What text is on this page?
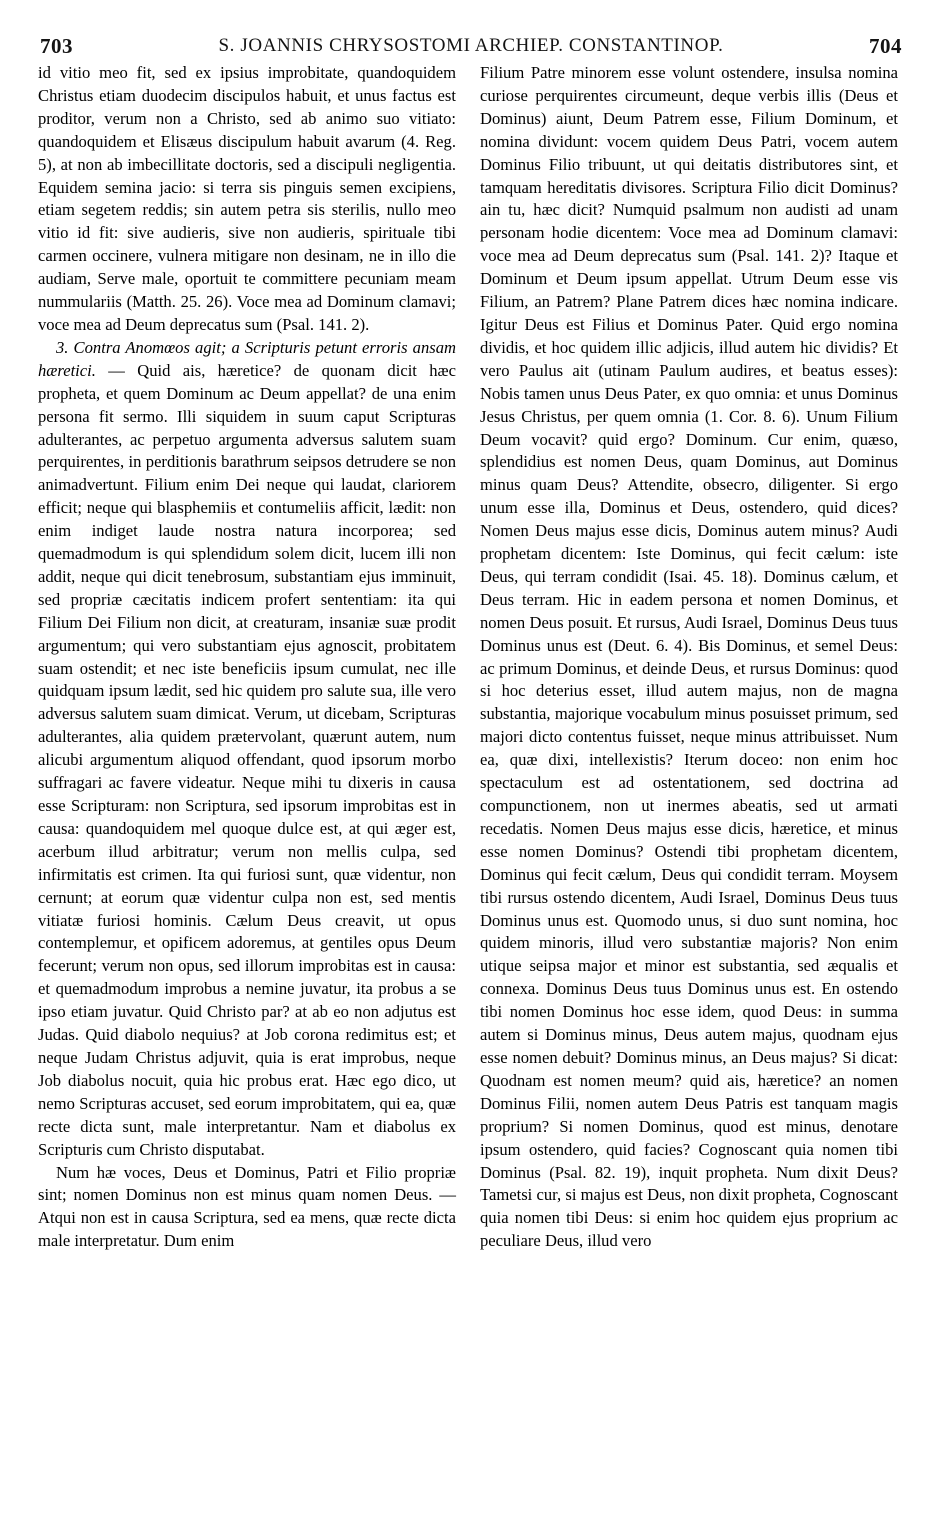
703	S. JOANNIS CHRYSOSTOMI ARCHIEP. CONSTANTINOP.	704

id vitio meo fit, sed ex ipsius improbitate, quandoquidem Christus etiam duodecim discipulos habuit, et unus factus est proditor, verum non a Christo, sed ab animo suo vitiato: quandoquidem et Elisæus discipulum habuit avarum (4. Reg. 5), at non ab imbecillitate doctoris, sed a discipuli negligentia. Equidem semina jacio: si terra sis pinguis semen excipiens, etiam segetem reddis; sin autem petra sis sterilis, nullo meo vitio id fit: sive audieris, sive non audieris, spirituale tibi carmen occinere, vulnera mitigare non desinam, ne in illo die audiam, Serve male, oportuit te committere pecuniam meam nummulariis (Matth. 25. 26). Voce mea ad Dominum clamavi; voce mea ad Deum deprecatus sum (Psal. 141. 2).

3. Contra Anomœos agit; a Scripturis petunt erroris ansam hæretici. — Quid ais, hæretice? de quonam dicit hæc propheta, et quem Dominum ac Deum appellat? de una enim persona fit sermo. Illi siquidem in suum caput Scripturas adulterantes, ac perpetuo argumenta adversus salutem suam perquirentes, in perditionis barathrum seipsos detrudere se non animadvertunt. Filium enim Dei neque qui laudat, clariorem efficit; neque qui blasphemiis et contumeliis afficit, lædit: non enim indiget laude nostra natura incorporea; sed quemadmodum is qui splendidum solem dicit, lucem illi non addit, neque qui dicit tenebrosum, substantiam ejus imminuit, sed propriæ cæcitatis indicem profert sententiam: ita qui Filium Dei Filium non dicit, at creaturam, insaniæ suæ prodit argumentum; qui vero substantiam ejus agnoscit, probitatem suam ostendit; et nec iste beneficiis ipsum cumulat, nec ille quidquam ipsum lædit, sed hic quidem pro salute sua, ille vero adversus salutem suam dimicat. Verum, ut dicebam, Scripturas adulterantes, alia quidem prætervolant, quærunt autem, num alicubi argumentum aliquod offendant, quod ipsorum morbo suffragari ac favere videatur. Neque mihi tu dixeris in causa esse Scripturam: non Scriptura, sed ipsorum improbitas est in causa: quandoquidem mel quoque dulce est, at qui æger est, acerbum illud arbitratur; verum non mellis culpa, sed infirmitatis est crimen. Ita qui furiosi sunt, quæ videntur, non cernunt; at eorum quæ videntur culpa non est, sed mentis vitiatæ furiosi hominis. Cælum Deus creavit, ut opus contemplemur, et opificem adoremus, at gentiles opus Deum fecerunt; verum non opus, sed illorum improbitas est in causa: et quemadmodum improbus a nemine juvatur, ita probus a se ipso etiam juvatur. Quid Christo par? at ab eo non adjutus est Judas. Quid diabolo nequius? at Job corona redimitus est; et neque Judam Christus adjuvit, quia is erat improbus, neque Job diabolus nocuit, quia hic probus erat. Hæc ego dico, ut nemo Scripturas accuset, sed eorum improbitatem, qui ea, quæ recte dicta sunt, male interpretantur. Nam et diabolus ex Scripturis cum Christo disputabat.

Num hæ voces, Deus et Dominus, Patri et Filio propriæ sint; nomen Dominus non est minus quam nomen Deus. — Atqui non est in causa Scriptura, sed ea mens, quæ recte dicta male interpretatur. Dum enim

Filium Patre minorem esse volunt ostendere, insulsa nomina curiose perquirentes circumeunt, deque verbis illis (Deus et Dominus) aiunt, Deum Patrem esse, Filium Dominum, et nomina dividunt: vocem quidem Deus Patri, vocem autem Dominus Filio tribuunt, ut qui deitatis distributores sint, et tamquam hereditatis divisores. Scriptura Filio dicit Dominus? ain tu, hæc dicit? Numquid psalmum non audisti ad unam personam hodie dicentem: Voce mea ad Dominum clamavi: voce mea ad Deum deprecatus sum (Psal. 141. 2)? Itaque et Dominum et Deum ipsum appellat. Utrum Deum esse vis Filium, an Patrem? Plane Patrem dices hæc nomina indicare. Igitur Deus est Filius et Dominus Pater. Quid ergo nomina dividis, et hoc quidem illic adjicis, illud autem hic dividis? Et vero Paulus ait (utinam Paulum audires, et beatus esses): Nobis tamen unus Deus Pater, ex quo omnia: et unus Dominus Jesus Christus, per quem omnia (1. Cor. 8. 6). Unum Filium Deum vocavit? quid ergo? Dominum. Cur enim, quæso, splendidius est nomen Deus, quam Dominus, aut Dominus minus quam Deus? Attendite, obsecro, diligenter. Si ergo unum esse illa, Dominus et Deus, ostendero, quid dices? Nomen Deus majus esse dicis, Dominus autem minus? Audi prophetam dicentem: Iste Dominus, qui fecit cælum: iste Deus, qui terram condidit (Isai. 45. 18). Dominus cælum, et Deus terram. Hic in eadem persona et nomen Dominus, et nomen Deus posuit. Et rursus, Audi Israel, Dominus Deus tuus Dominus unus est (Deut. 6. 4). Bis Dominus, et semel Deus: ac primum Dominus, et deinde Deus, et rursus Dominus: quod si hoc deterius esset, illud autem majus, non de magna substantia, majorique vocabulum minus posuisset primum, sed majori dicto contentus fuisset, neque minus attribuisset. Num ea, quæ dixi, intellexistis? Iterum doceo: non enim hoc spectaculum est ad ostentationem, sed doctrina ad compunctionem, non ut inermes abeatis, sed ut armati recedatis. Nomen Deus majus esse dicis, hæretice, et minus esse nomen Dominus? Ostendi tibi prophetam dicentem, Dominus qui fecit cælum, Deus qui condidit terram. Moysem tibi rursus ostendo dicentem, Audi Israel, Dominus Deus tuus Dominus unus est. Quomodo unus, si duo sunt nomina, hoc quidem minoris, illud vero substantiæ majoris? Non enim utique seipsa major et minor est substantia, sed æqualis et connexa. Dominus Deus tuus Dominus unus est. En ostendo tibi nomen Dominus hoc esse idem, quod Deus: in summa autem si Dominus minus, Deus autem majus, quodnam ejus esse nomen debuit? Dominus minus, an Deus majus? Si dicat: Quodnam est nomen meum? quid ais, hæretice? an nomen Dominus Filii, nomen autem Deus Patris est tanquam magis proprium? Si nomen Dominus, quod est minus, denotare ipsum ostendero, quid facies? Cognoscant quia nomen tibi Dominus (Psal. 82. 19), inquit propheta. Num dixit Deus? Tametsi cur, si majus est Deus, non dixit propheta, Cognoscant quia nomen tibi Deus: si enim hoc quidem ejus proprium ac peculiare Deus, illud vero
